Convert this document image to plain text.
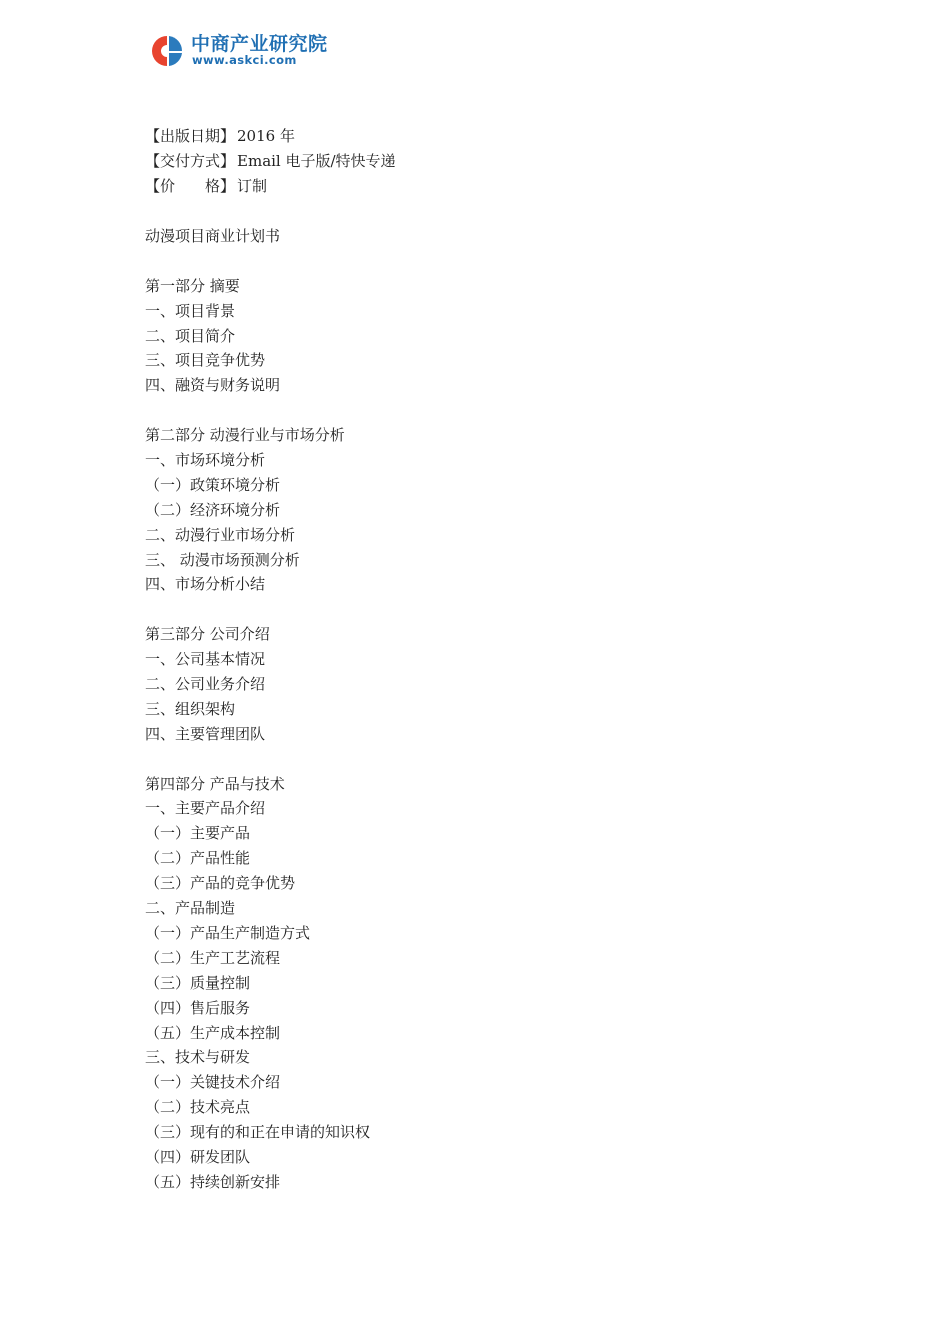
中商产业研究院
www.askci.com
【出版日期】 2016 年
【交付方式】 Email 电子版/特快专递
【价　　格】 订制
动漫项目商业计划书
第一部分 摘要
一、项目背景
二、项目简介
三、项目竞争优势
四、融资与财务说明
第二部分 动漫行业与市场分析
一、市场环境分析
（一）政策环境分析
（二）经济环境分析
二、动漫行业市场分析
三、 动漫市场预测分析
四、市场分析小结
第三部分 公司介绍
一、公司基本情况
二、公司业务介绍
三、组织架构
四、主要管理团队
第四部分 产品与技术
一、主要产品介绍
（一）主要产品
（二）产品性能
（三）产品的竞争优势
二、产品制造
（一）产品生产制造方式
（二）生产工艺流程
（三）质量控制
（四）售后服务
（五）生产成本控制
三、技术与研发
（一）关键技术介绍
（二）技术亮点
（三）现有的和正在申请的知识权
（四）研发团队
（五）持续创新安排
